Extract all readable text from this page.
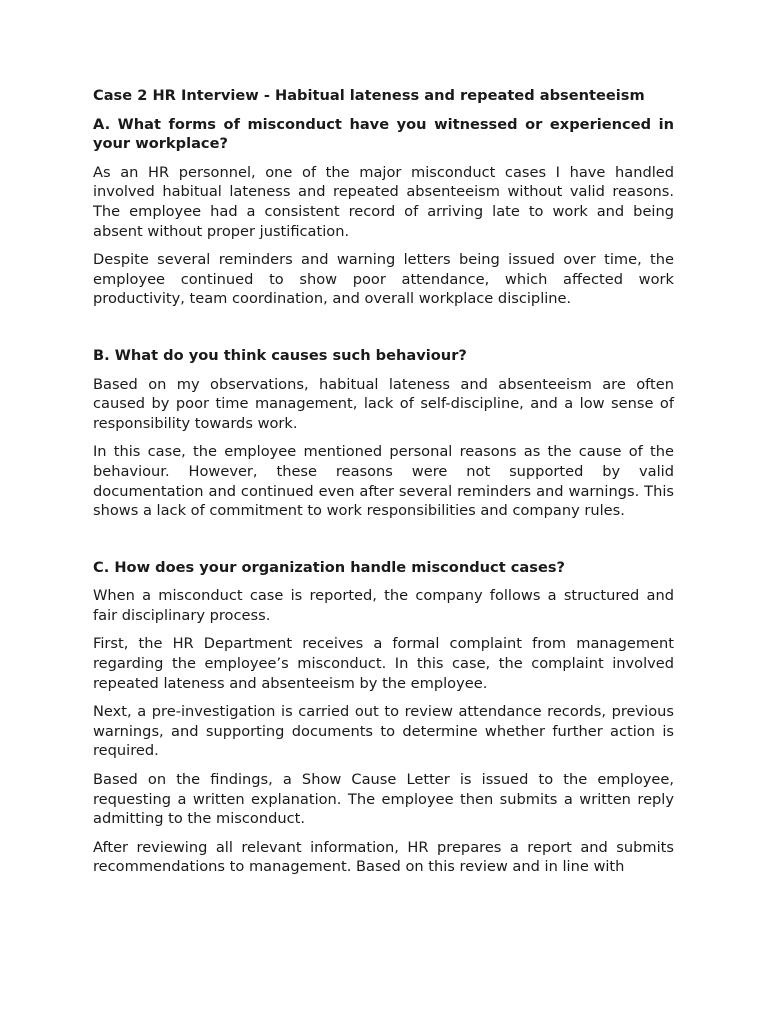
Case 2 HR Interview - Habitual lateness and repeated absenteeism

A. What forms of misconduct have you witnessed or experienced in your workplace?

As an HR personnel, one of the major misconduct cases I have handled involved habitual lateness and repeated absenteeism without valid reasons. The employee had a consistent record of arriving late to work and being absent without proper justification.

Despite several reminders and warning letters being issued over time, the employee continued to show poor attendance, which affected work productivity, team coordination, and overall workplace discipline.

B. What do you think causes such behaviour?

Based on my observations, habitual lateness and absenteeism are often caused by poor time management, lack of self-discipline, and a low sense of responsibility towards work.

In this case, the employee mentioned personal reasons as the cause of the behaviour. However, these reasons were not supported by valid documentation and continued even after several reminders and warnings. This shows a lack of commitment to work responsibilities and company rules.

C. How does your organization handle misconduct cases?

When a misconduct case is reported, the company follows a structured and fair disciplinary process.

First, the HR Department receives a formal complaint from management regarding the employee’s misconduct. In this case, the complaint involved repeated lateness and absenteeism by the employee.

Next, a pre-investigation is carried out to review attendance records, previous warnings, and supporting documents to determine whether further action is required.

Based on the findings, a Show Cause Letter is issued to the employee, requesting a written explanation. The employee then submits a written reply admitting to the misconduct.

After reviewing all relevant information, HR prepares a report and submits recommendations to management. Based on this review and in line with
